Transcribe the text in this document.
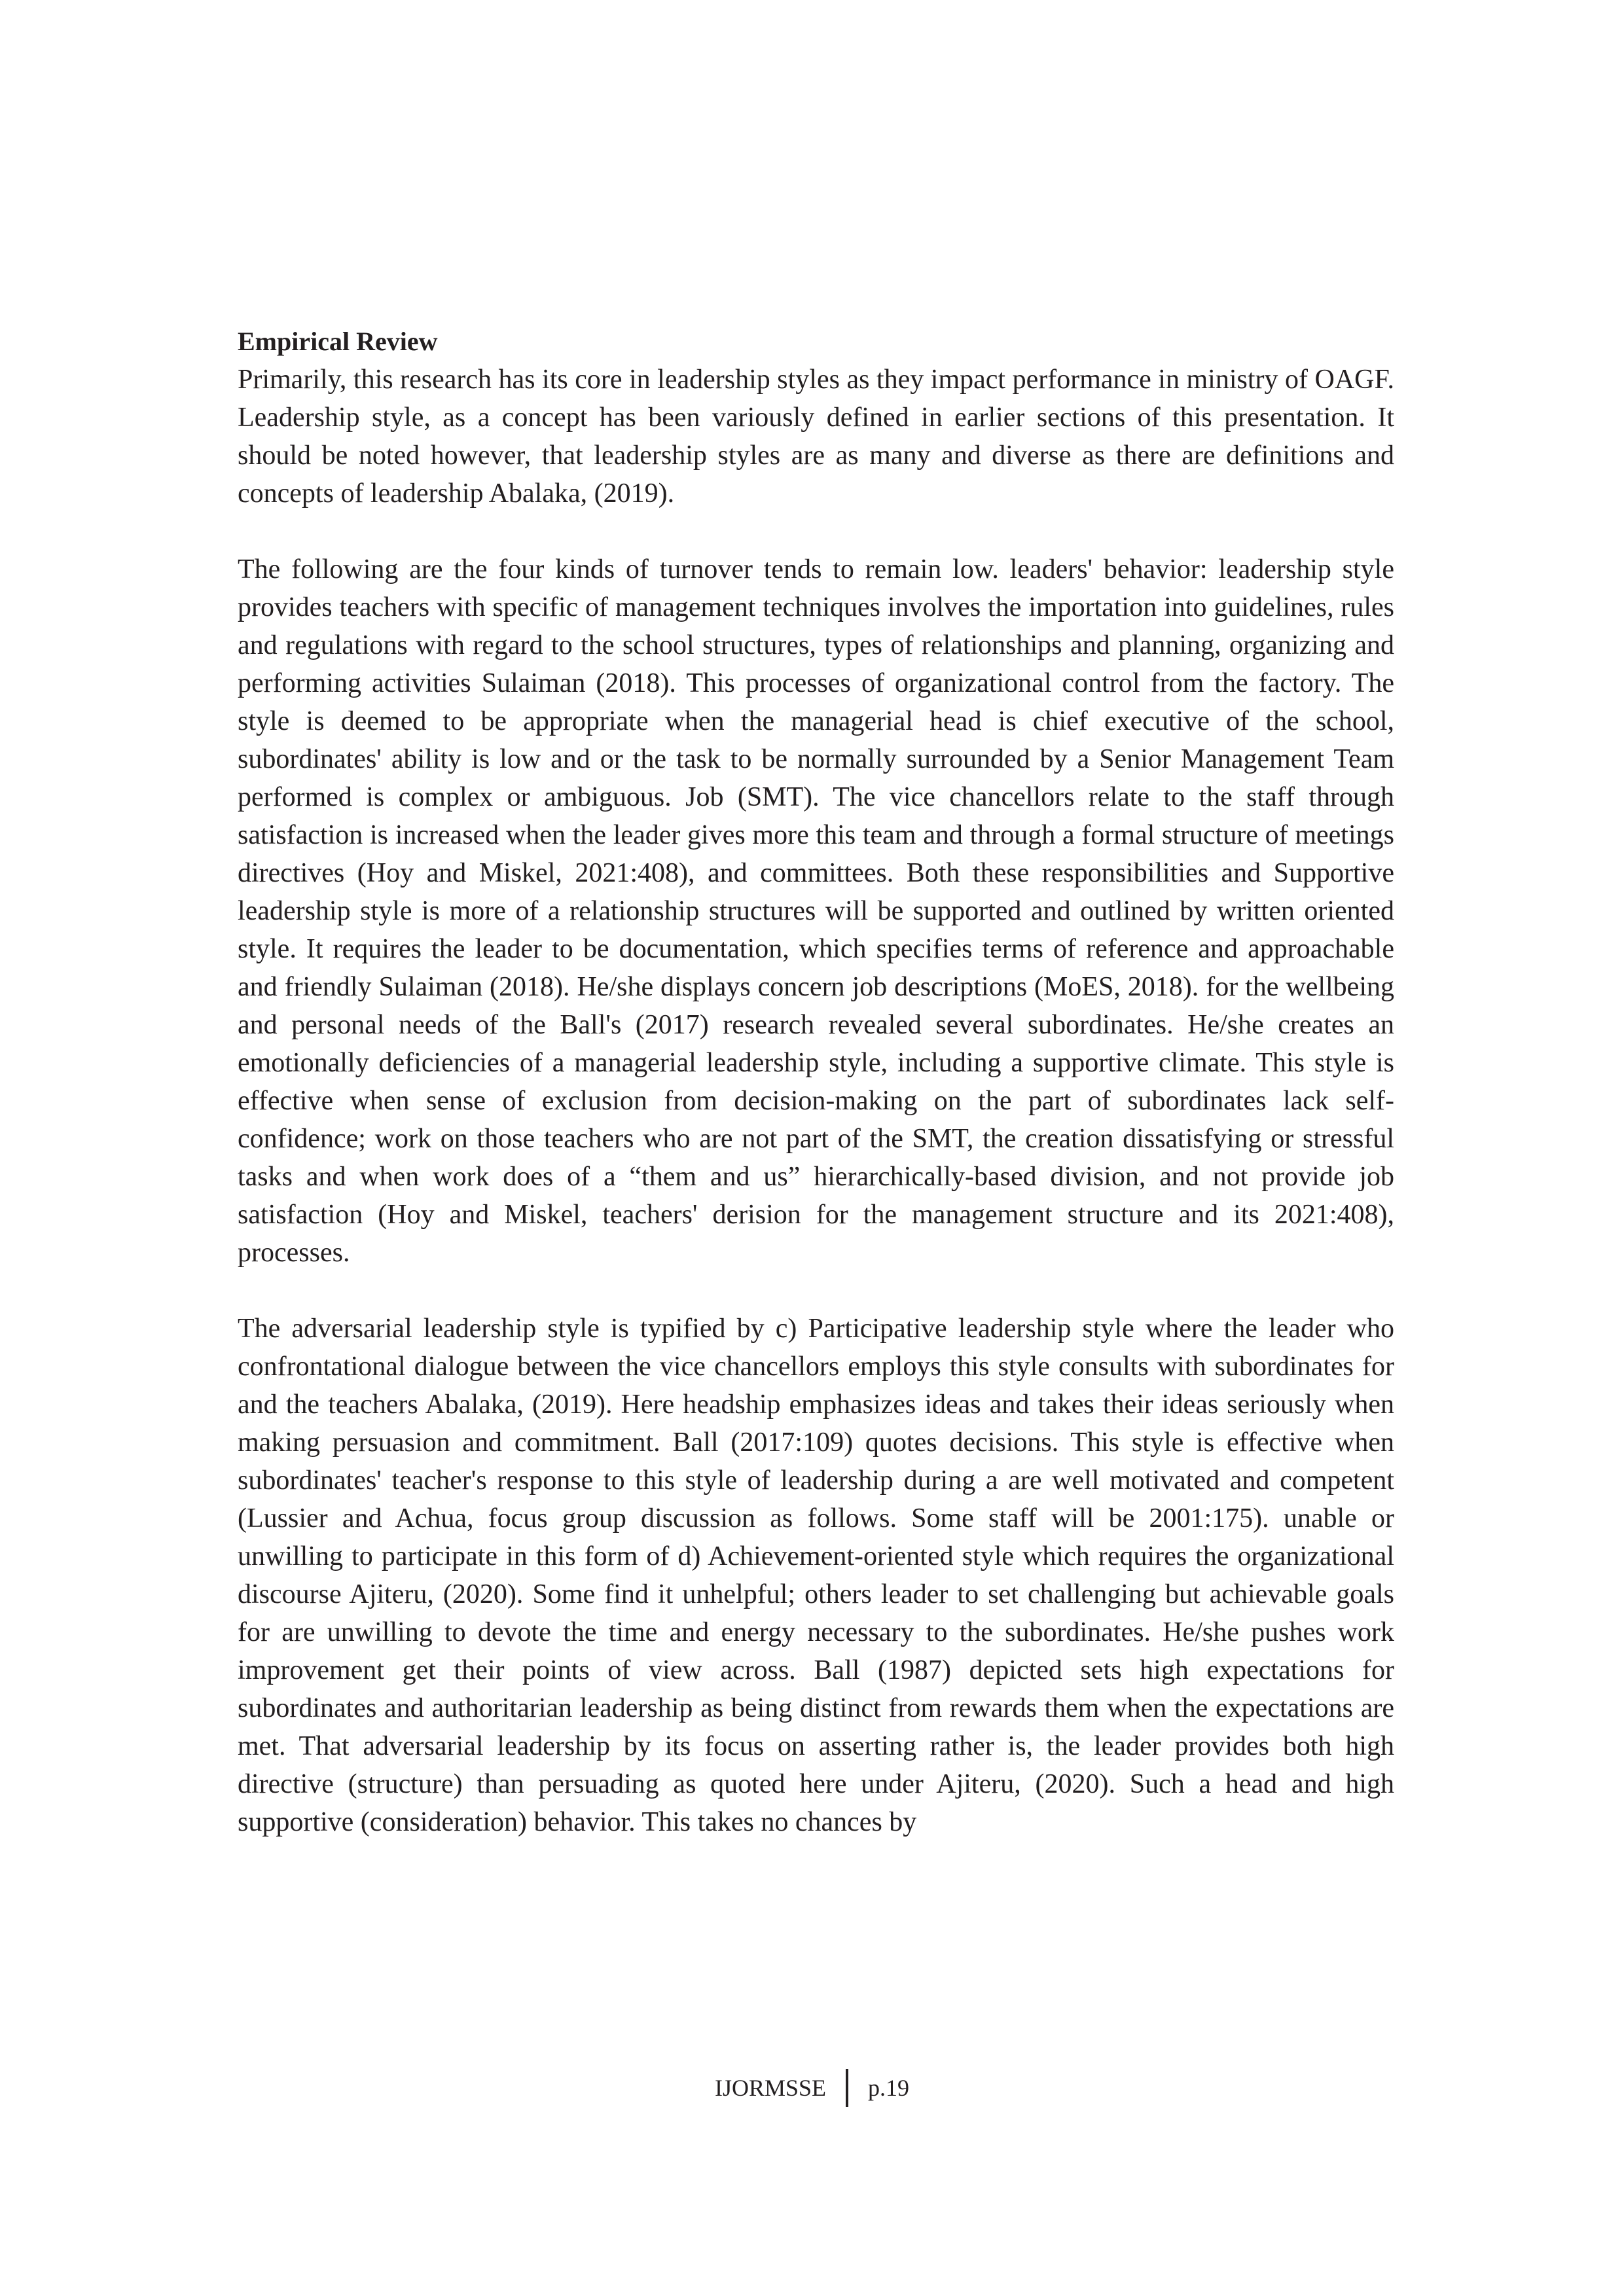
Empirical Review

Primarily, this research has its core in leadership styles as they impact performance in ministry of OAGF. Leadership style, as a concept has been variously defined in earlier sections of this presentation. It should be noted however, that leadership styles are as many and diverse as there are definitions and concepts of leadership Abalaka, (2019).

The following are the four kinds of turnover tends to remain low. leaders' behavior: leadership style provides teachers with specific of management techniques involves the importation into guidelines, rules and regulations with regard to the school structures, types of relationships and planning, organizing and performing activities Sulaiman (2018). This processes of organizational control from the factory. The style is deemed to be appropriate when the managerial head is chief executive of the school, subordinates' ability is low and or the task to be normally surrounded by a Senior Management Team performed is complex or ambiguous. Job (SMT). The vice chancellors relate to the staff through satisfaction is increased when the leader gives more this team and through a formal structure of meetings directives (Hoy and Miskel, 2021:408), and committees. Both these responsibilities and Supportive leadership style is more of a relationship structures will be supported and outlined by written oriented style. It requires the leader to be documentation, which specifies terms of reference and approachable and friendly Sulaiman (2018). He/she displays concern job descriptions (MoES, 2018). for the wellbeing and personal needs of the Ball's (2017) research revealed several subordinates. He/she creates an emotionally deficiencies of a managerial leadership style, including a supportive climate. This style is effective when sense of exclusion from decision-making on the part of subordinates lack self-confidence; work on those teachers who are not part of the SMT, the creation dissatisfying or stressful tasks and when work does of a “them and us” hierarchically-based division, and not provide job satisfaction (Hoy and Miskel, teachers' derision for the management structure and its 2021:408), processes.

The adversarial leadership style is typified by c) Participative leadership style where the leader who confrontational dialogue between the vice chancellors employs this style consults with subordinates for and the teachers Abalaka, (2019). Here headship emphasizes ideas and takes their ideas seriously when making persuasion and commitment. Ball (2017:109) quotes decisions. This style is effective when subordinates' teacher's response to this style of leadership during a are well motivated and competent (Lussier and Achua, focus group discussion as follows. Some staff will be 2001:175). unable or unwilling to participate in this form of d) Achievement-oriented style which requires the organizational discourse Ajiteru, (2020). Some find it unhelpful; others leader to set challenging but achievable goals for are unwilling to devote the time and energy necessary to the subordinates. He/she pushes work improvement get their points of view across. Ball (1987) depicted sets high expectations for subordinates and authoritarian leadership as being distinct from rewards them when the expectations are met. That adversarial leadership by its focus on asserting rather is, the leader provides both high directive (structure) than persuading as quoted here under Ajiteru, (2020). Such a head and high supportive (consideration) behavior. This takes no chances by

IJORMSSE p.19
